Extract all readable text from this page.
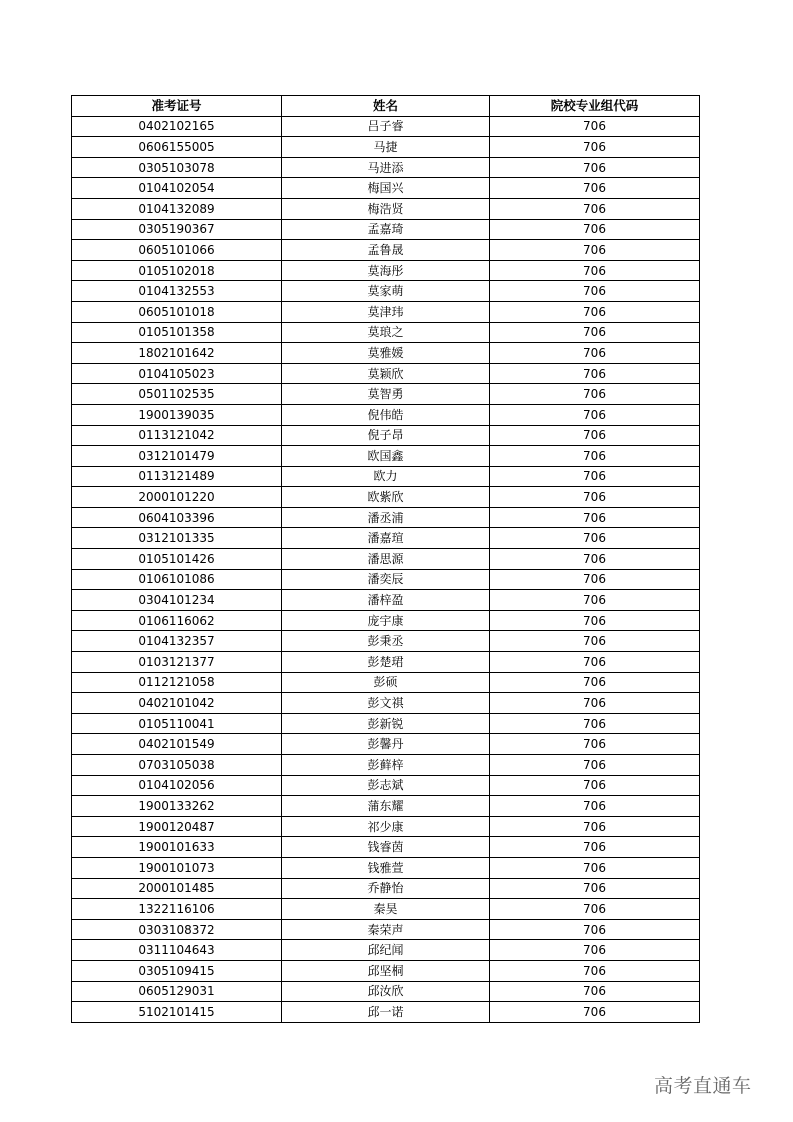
准考证号	姓名	院校专业组代码
0402102165	吕子睿	706
0606155005	马捷	706
0305103078	马进添	706
0104102054	梅国兴	706
0104132089	梅浩贤	706
0305190367	孟嘉琦	706
0605101066	孟鲁晟	706
0105102018	莫海彤	706
0104132553	莫家萌	706
0605101018	莫津玮	706
0105101358	莫琅之	706
1802101642	莫雅媛	706
0104105023	莫颖欣	706
0501102535	莫智勇	706
1900139035	倪伟皓	706
0113121042	倪子昂	706
0312101479	欧国鑫	706
0113121489	欧力	706
2000101220	欧紫欣	706
0604103396	潘丞浦	706
0312101335	潘嘉瑄	706
0105101426	潘思源	706
0106101086	潘奕辰	706
0304101234	潘梓盈	706
0106116062	庞宇康	706
0104132357	彭秉丞	706
0103121377	彭楚珺	706
0112121058	彭硕	706
0402101042	彭文祺	706
0105110041	彭新锐	706
0402101549	彭馨丹	706
0703105038	彭藓梓	706
0104102056	彭志斌	706
1900133262	蒲东耀	706
1900120487	祁少康	706
1900101633	钱睿茵	706
1900101073	钱雅萱	706
2000101485	乔静怡	706
1322116106	秦昊	706
0303108372	秦荣声	706
0311104643	邱纪闻	706
0305109415	邱坚桐	706
0605129031	邱汝欣	706
5102101415	邱一诺	706
高考直通车
